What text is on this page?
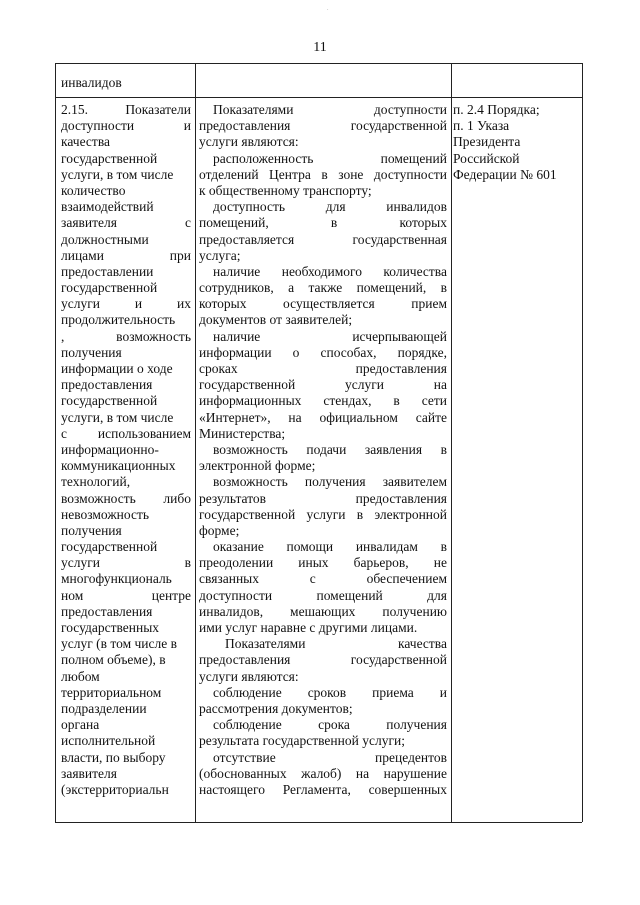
.
11
инвалидов
2.15. Показатели
доступности и
качества
государственной
услуги, в том числе
количество
взаимодействий
заявителя с
должностными
лицами при
предоставлении
государственной
услуги и их
продолжительность
, возможность
получения
информации о ходе
предоставления
государственной
услуги, в том числе
с использованием
информационно-
коммуникационных
технологий,
возможность либо
невозможность
получения
государственной
услуги в
многофункциональ
ном центре
предоставления
государственных
услуг (в том числе в
полном объеме), в
любом
территориальном
подразделении
органа
исполнительной
власти, по выбору
заявителя
(экстерриториальн
Показателями доступности
предоставления государственной
услуги являются:
расположенность помещений
отделений Центра в зоне доступности
к общественному транспорту;
доступность для инвалидов
помещений, в которых
предоставляется государственная
услуга;
наличие необходимого количества
сотрудников, а также помещений, в
которых осуществляется прием
документов от заявителей;
наличие исчерпывающей
информации о способах, порядке,
сроках предоставления
государственной услуги на
информационных стендах, в сети
«Интернет», на официальном сайте
Министерства;
возможность подачи заявления в
электронной форме;
возможность получения заявителем
результатов предоставления
государственной услуги в электронной
форме;
оказание помощи инвалидам в
преодолении иных барьеров, не
связанных с обеспечением
доступности помещений для
инвалидов, мешающих получению
ими услуг наравне с другими лицами.
Показателями качества
предоставления государственной
услуги являются:
соблюдение сроков приема и
рассмотрения документов;
соблюдение срока получения
результата государственной услуги;
отсутствие прецедентов
(обоснованных жалоб) на нарушение
настоящего Регламента, совершенных
п. 2.4 Порядка;
п. 1 Указа
Президента
Российской
Федерации № 601
